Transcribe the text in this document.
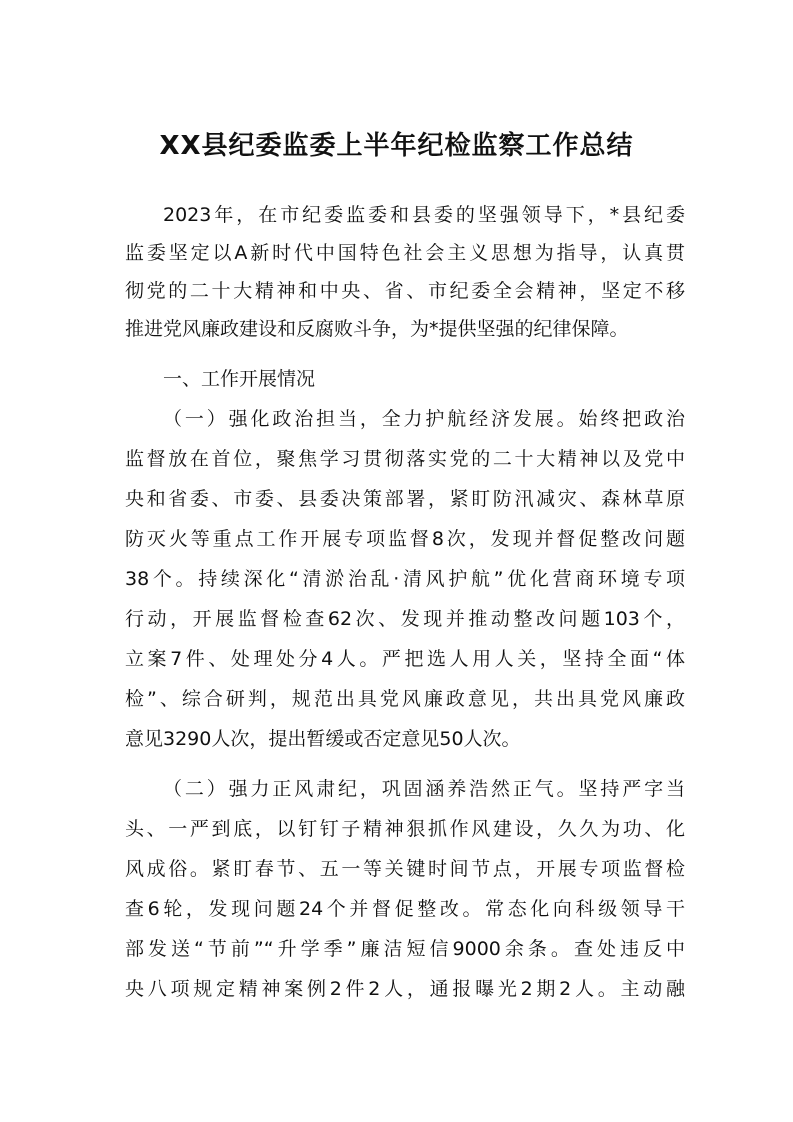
XX县纪委监委上半年纪检监察工作总结
2023年，在市纪委监委和县委的坚强领导下，*县纪委
监委坚定以A新时代中国特色社会主义思想为指导，认真贯
彻党的二十大精神和中央、省、市纪委全会精神，坚定不移
推进党风廉政建设和反腐败斗争，为*提供坚强的纪律保障。
一、工作开展情况
（一）强化政治担当，全力护航经济发展。始终把政治
监督放在首位，聚焦学习贯彻落实党的二十大精神以及党中
央和省委、市委、县委决策部署，紧盯防汛减灾、森林草原
防灭火等重点工作开展专项监督8次，发现并督促整改问题
38个。持续深化“清淤治乱·清风护航”优化营商环境专项
行动，开展监督检查62次、发现并推动整改问题103个，
立案7件、处理处分4人。严把选人用人关，坚持全面“体
检”、综合研判，规范出具党风廉政意见，共出具党风廉政
意见3290人次，提出暂缓或否定意见50人次。
（二）强力正风肃纪，巩固涵养浩然正气。坚持严字当
头、一严到底，以钉钉子精神狠抓作风建设，久久为功、化
风成俗。紧盯春节、五一等关键时间节点，开展专项监督检
查6轮，发现问题24个并督促整改。常态化向科级领导干
部发送“节前”“升学季”廉洁短信9000余条。查处违反中
央八项规定精神案例2件2人，通报曝光2期2人。主动融
